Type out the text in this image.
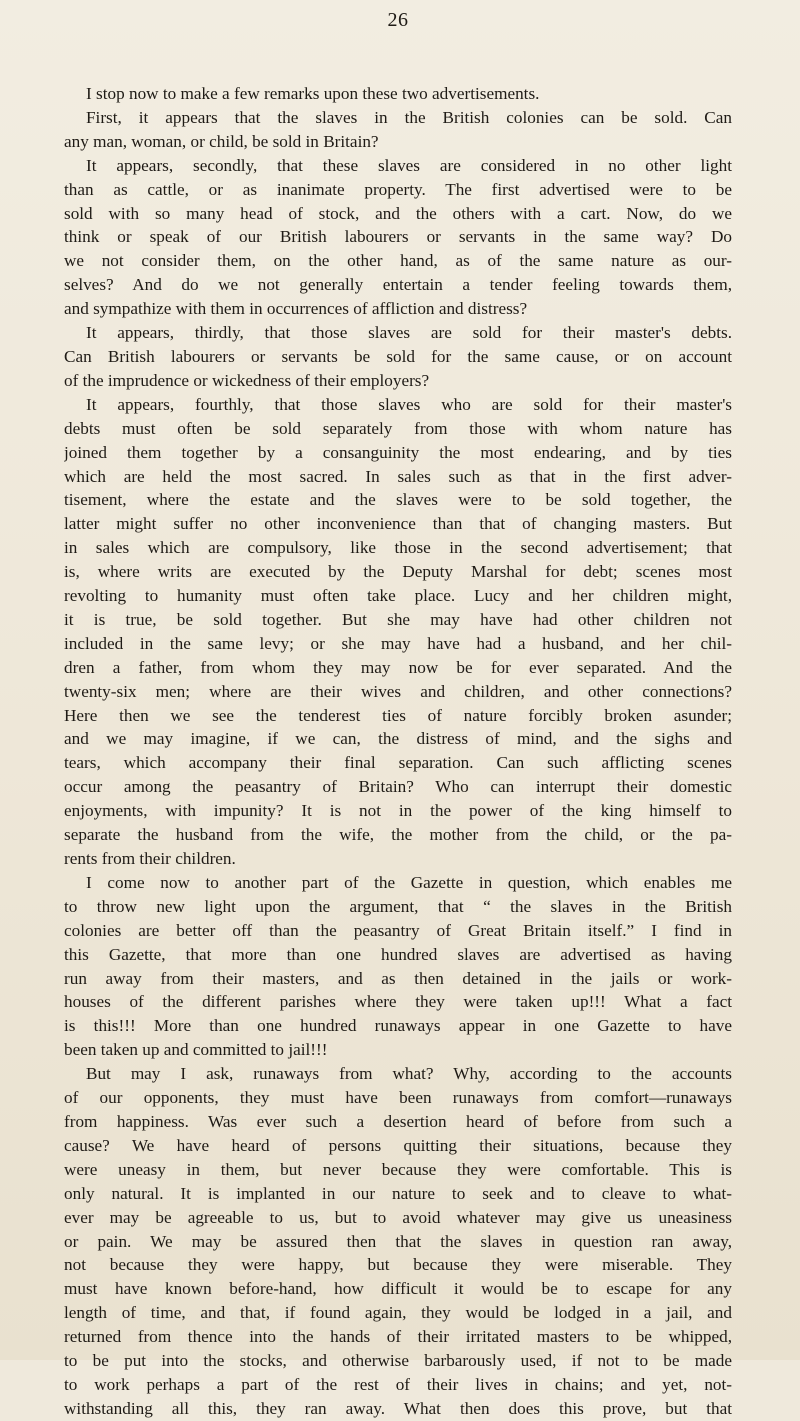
26
I stop now to make a few remarks upon these two advertisements.
First, it appears that the slaves in the British colonies can be sold. Can
any man, woman, or child, be sold in Britain?
It appears, secondly, that these slaves are considered in no other light
than as cattle, or as inanimate property. The first advertised were to be
sold with so many head of stock, and the others with a cart. Now, do we
think or speak of our British labourers or servants in the same way? Do
we not consider them, on the other hand, as of the same nature as our-
selves? And do we not generally entertain a tender feeling towards them,
and sympathize with them in occurrences of affliction and distress?
It appears, thirdly, that those slaves are sold for their master's debts.
Can British labourers or servants be sold for the same cause, or on account
of the imprudence or wickedness of their employers?
It appears, fourthly, that those slaves who are sold for their master's
debts must often be sold separately from those with whom nature has
joined them together by a consanguinity the most endearing, and by ties
which are held the most sacred. In sales such as that in the first adver-
tisement, where the estate and the slaves were to be sold together, the
latter might suffer no other inconvenience than that of changing masters. But
in sales which are compulsory, like those in the second advertisement; that
is, where writs are executed by the Deputy Marshal for debt; scenes most
revolting to humanity must often take place. Lucy and her children might,
it is true, be sold together. But she may have had other children not
included in the same levy; or she may have had a husband, and her chil-
dren a father, from whom they may now be for ever separated. And the
twenty-six men; where are their wives and children, and other connections?
Here then we see the tenderest ties of nature forcibly broken asunder;
and we may imagine, if we can, the distress of mind, and the sighs and
tears, which accompany their final separation. Can such afflicting scenes
occur among the peasantry of Britain? Who can interrupt their domestic
enjoyments, with impunity? It is not in the power of the king himself to
separate the husband from the wife, the mother from the child, or the pa-
rents from their children.
I come now to another part of the Gazette in question, which enables me
to throw new light upon the argument, that “ the slaves in the British
colonies are better off than the peasantry of Great Britain itself.” I find in
this Gazette, that more than one hundred slaves are advertised as having
run away from their masters, and as then detained in the jails or work-
houses of the different parishes where they were taken up!!! What a fact
is this!!! More than one hundred runaways appear in one Gazette to have
been taken up and committed to jail!!!
But may I ask, runaways from what? Why, according to the accounts
of our opponents, they must have been runaways from comfort—runaways
from happiness. Was ever such a desertion heard of before from such a
cause? We have heard of persons quitting their situations, because they
were uneasy in them, but never because they were comfortable. This is
only natural. It is implanted in our nature to seek and to cleave to what-
ever may be agreeable to us, but to avoid whatever may give us uneasiness
or pain. We may be assured then that the slaves in question ran away,
not because they were happy, but because they were miserable. They
must have known before-hand, how difficult it would be to escape for any
length of time, and that, if found again, they would be lodged in a jail, and
returned from thence into the hands of their irritated masters to be whipped,
to be put into the stocks, and otherwise barbarously used, if not to be made
to work perhaps a part of the rest of their lives in chains; and yet, not-
withstanding all this, they ran away. What then does this prove, but that
